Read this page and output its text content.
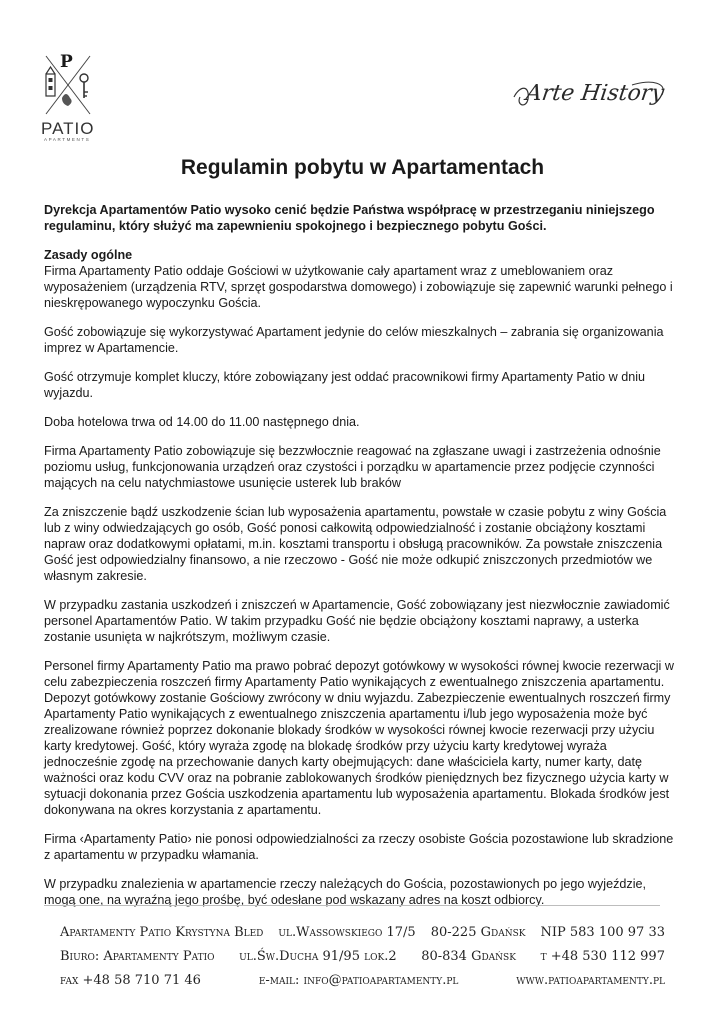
P
PATIO
APARTMENTS
Arte History
Regulamin pobytu w Apartamentach

Dyrekcja Apartamentów Patio wysoko cenić będzie Państwa współpracę w przestrzeganiu niniejszego regulaminu, który służyć ma zapewnieniu spokojnego i bezpiecznego pobytu Gości.

Zasady ogólne

Firma Apartamenty Patio oddaje Gościowi w użytkowanie cały apartament wraz z umeblowaniem oraz wyposażeniem (urządzenia RTV, sprzęt gospodarstwa domowego) i zobowiązuje się zapewnić warunki pełnego i nieskrępowanego wypoczynku Gościa.

Gość zobowiązuje się wykorzystywać Apartament jedynie do celów mieszkalnych – zabrania się organizowania imprez w Apartamencie.

Gość otrzymuje komplet kluczy, które zobowiązany jest oddać pracownikowi firmy Apartamenty Patio w dniu wyjazdu.

Doba hotelowa trwa od 14.00 do 11.00 następnego dnia.

Firma Apartamenty Patio zobowiązuje się bezzwłocznie reagować na zgłaszane uwagi i zastrzeżenia odnośnie poziomu usług, funkcjonowania urządzeń oraz czystości i porządku w apartamencie przez podjęcie czynności mających na celu natychmiastowe usunięcie usterek lub braków

Za zniszczenie bądź uszkodzenie ścian lub wyposażenia apartamentu, powstałe w czasie pobytu z winy Gościa lub z winy odwiedzających go osób, Gość ponosi całkowitą odpowiedzialność i zostanie obciążony kosztami napraw oraz dodatkowymi opłatami, m.in. kosztami transportu i obsługą pracowników. Za powstałe zniszczenia Gość jest odpowiedzialny finansowo, a nie rzeczowo - Gość nie może odkupić zniszczonych przedmiotów we własnym zakresie.

W przypadku zastania uszkodzeń i zniszczeń w Apartamencie, Gość zobowiązany jest niezwłocznie zawiadomić personel Apartamentów Patio. W takim przypadku Gość nie będzie obciążony kosztami naprawy, a usterka zostanie usunięta w najkrótszym, możliwym czasie.

Personel firmy Apartamenty Patio ma prawo pobrać depozyt gotówkowy w wysokości równej kwocie rezerwacji w celu zabezpieczenia roszczeń firmy Apartamenty Patio wynikających z ewentualnego zniszczenia apartamentu. Depozyt gotówkowy zostanie Gościowy zwrócony w dniu wyjazdu. Zabezpieczenie ewentualnych roszczeń firmy Apartamenty Patio wynikających z ewentualnego zniszczenia apartamentu i/lub jego wyposażenia może być zrealizowane również poprzez dokonanie blokady środków w wysokości równej kwocie rezerwacji przy użyciu karty kredytowej. Gość, który wyraża zgodę na blokadę środków przy użyciu karty kredytowej wyraża jednocześnie zgodę na przechowanie danych karty obejmujących: dane właściciela karty, numer karty, datę ważności oraz kodu CVV oraz na pobranie zablokowanych środków pieniędznych bez fizycznego użycia karty w sytuacji dokonania przez Gościa uszkodzenia apartamentu lub wyposażenia apartamentu. Blokada środków jest dokonywana na okres korzystania z apartamentu.

Firma ‹Apartamenty Patio› nie ponosi odpowiedzialności za rzeczy osobiste Gościa pozostawione lub skradzione z apartamentu w przypadku włamania.

W przypadku znalezienia w apartamencie rzeczy należących do Gościa, pozostawionych po jego wyjeździe, mogą one, na wyraźną jego prośbę, być odesłane pod wskazany adres na koszt odbiorcy.

Apartamenty Patio Krystyna Bled ul.Wassowskiego 17/5 80-225 Gdańsk NIP 583 100 97 33
Biuro: Apartamenty Patio ul.Św.Ducha 91/95 lok.2 80-834 Gdańsk t +48 530 112 997
fax +48 58 710 71 46	e-mail: info@patioapartamenty.pl	www.patioapartamenty.pl
